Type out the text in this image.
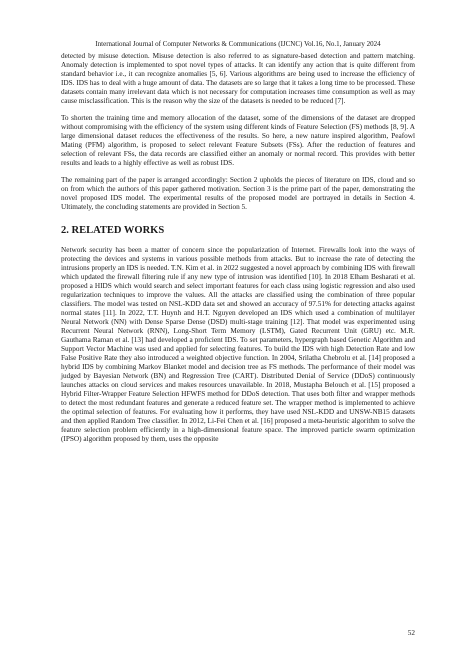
International Journal of Computer Networks & Communications (IJCNC) Vol.16, No.1, January 2024

detected by misuse detection. Misuse detection is also referred to as signature-based detection and pattern matching. Anomaly detection is implemented to spot novel types of attacks. It can identify any action that is quite different from standard behavior i.e., it can recognize anomalies [5, 6]. Various algorithms are being used to increase the efficiency of IDS. IDS has to deal with a huge amount of data. The datasets are so large that it takes a long time to be processed. These datasets contain many irrelevant data which is not necessary for computation increases time consumption as well as may cause misclassification. This is the reason why the size of the datasets is needed to be reduced [7].

To shorten the training time and memory allocation of the dataset, some of the dimensions of the dataset are dropped without compromising with the efficiency of the system using different kinds of Feature Selection (FS) methods [8, 9]. A large dimensional dataset reduces the effectiveness of the results. So here, a new nature inspired algorithm, Peafowl Mating (PFM) algorithm, is proposed to select relevant Feature Subsets (FSs). After the reduction of features and selection of relevant FSs, the data records are classified either an anomaly or normal record. This provides with better results and leads to a highly effective as well as robust IDS.

The remaining part of the paper is arranged accordingly: Section 2 upholds the pieces of literature on IDS, cloud and so on from which the authors of this paper gathered motivation. Section 3 is the prime part of the paper, demonstrating the novel proposed IDS model. The experimental results of the proposed model are portrayed in details in Section 4. Ultimately, the concluding statements are provided in Section 5.

2. RELATED WORKS

Network security has been a matter of concern since the popularization of Internet. Firewalls look into the ways of protecting the devices and systems in various possible methods from attacks. But to increase the rate of detecting the intrusions properly an IDS is needed. T.N. Kim et al. in 2022 suggested a novel approach by combining IDS with firewall which updated the firewall filtering rule if any new type of intrusion was identified [10]. In 2018 Elham Besharati et al. proposed a HIDS which would search and select important features for each class using logistic regression and also used regularization techniques to improve the values. All the attacks are classified using the combination of three popular classifiers. The model was tested on NSL-KDD data set and showed an accuracy of 97.51% for detecting attacks against normal states [11]. In 2022, T.T. Huynh and H.T. Nguyen developed an IDS which used a combination of multilayer Neural Network (NN) with Dense Sparse Dense (DSD) multi-stage training [12]. That model was experimented using Recurrent Neural Network (RNN), Long-Short Term Memory (LSTM), Gated Recurrent Unit (GRU) etc. M.R. Gauthama Raman et al. [13] had developed a proficient IDS. To set parameters, hypergraph based Genetic Algorithm and Support Vector Machine was used and applied for selecting features. To build the IDS with high Detection Rate and low False Positive Rate they also introduced a weighted objective function. In 2004, Srilatha Chebrolu et al. [14] proposed a hybrid IDS by combining Markov Blanket model and decision tree as FS methods. The performance of their model was judged by Bayesian Network (BN) and Regression Tree (CART). Distributed Denial of Service (DDoS) continuously launches attacks on cloud services and makes resources unavailable. In 2018, Mustapha Belouch et al. [15] proposed a Hybrid Filter-Wrapper Feature Selection HFWFS method for DDoS detection. That uses both filter and wrapper methods to detect the most redundant features and generate a reduced feature set. The wrapper method is implemented to achieve the optimal selection of features. For evaluating how it performs, they have used NSL-KDD and UNSW-NB15 datasets and then applied Random Tree classifier. In 2012, Li-Fei Chen et al. [16] proposed a meta-heuristic algorithm to solve the feature selection problem efficiently in a high-dimensional feature space. The improved particle swarm optimization (IPSO) algorithm proposed by them, uses the opposite

52
